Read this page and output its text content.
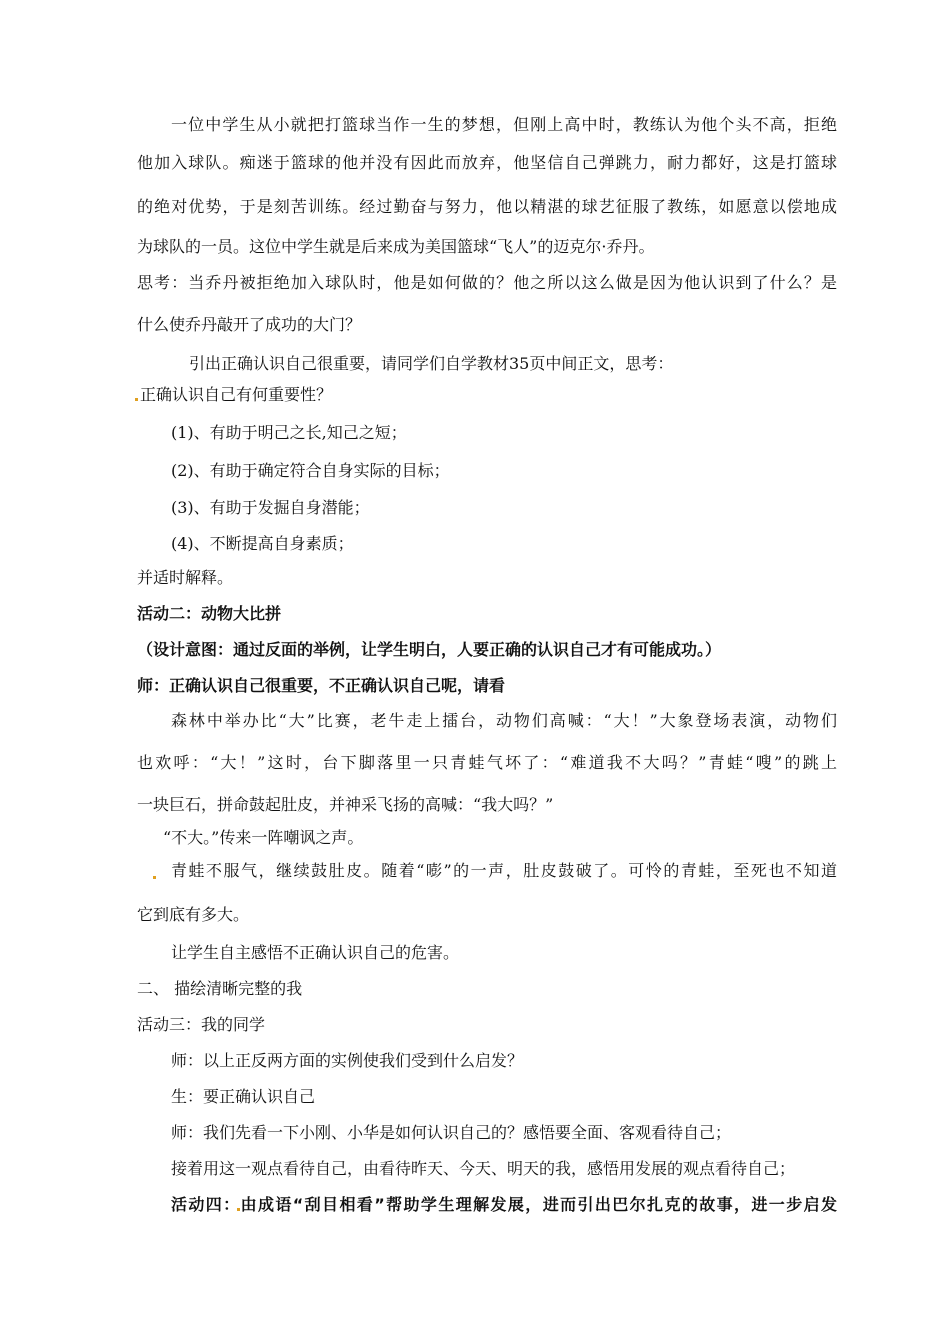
一位中学生从小就把打篮球当作一生的梦想，但刚上高中时，教练认为他个头不高，拒绝
他加入球队。痴迷于篮球的他并没有因此而放弃，他坚信自己弹跳力，耐力都好，这是打篮球
的绝对优势，于是刻苦训练。经过勤奋与努力，他以精湛的球艺征服了教练，如愿意以偿地成
为球队的一员。这位中学生就是后来成为美国篮球“飞人”的迈克尔·乔丹。
思考：当乔丹被拒绝加入球队时，他是如何做的？他之所以这么做是因为他认识到了什么？是
什么使乔丹敲开了成功的大门？
引出正确认识自己很重要，请同学们自学教材35页中间正文，思考：
正确认识自己有何重要性？
(1)、有助于明己之长,知己之短；
(2)、有助于确定符合自身实际的目标；
(3)、有助于发掘自身潜能；
(4)、不断提高自身素质；
并适时解释。
活动二：动物大比拼
（设计意图：通过反面的举例，让学生明白，人要正确的认识自己才有可能成功。）
师：正确认识自己很重要，不正确认识自己呢，请看
森林中举办比“大”比赛，老牛走上擂台，动物们高喊：“大！”大象登场表演，动物们
也欢呼：“大！”这时，台下脚落里一只青蛙气坏了：“难道我不大吗？”青蛙“嗖”的跳上
一块巨石，拼命鼓起肚皮，并神采飞扬的高喊：“我大吗？”
“不大。”传来一阵嘲讽之声。
青蛙不服气，继续鼓肚皮。随着“嘭”的一声，肚皮鼓破了。可怜的青蛙，至死也不知道
它到底有多大。
让学生自主感悟不正确认识自己的危害。
二、 描绘清晰完整的我
活动三：我的同学
师：以上正反两方面的实例使我们受到什么启发？
生：要正确认识自己
师：我们先看一下小刚、小华是如何认识自己的？感悟要全面、客观看待自己；
接着用这一观点看待自己，由看待昨天、今天、明天的我，感悟用发展的观点看待自己；
活动四：由成语“刮目相看”帮助学生理解发展，进而引出巴尔扎克的故事，进一步启发
